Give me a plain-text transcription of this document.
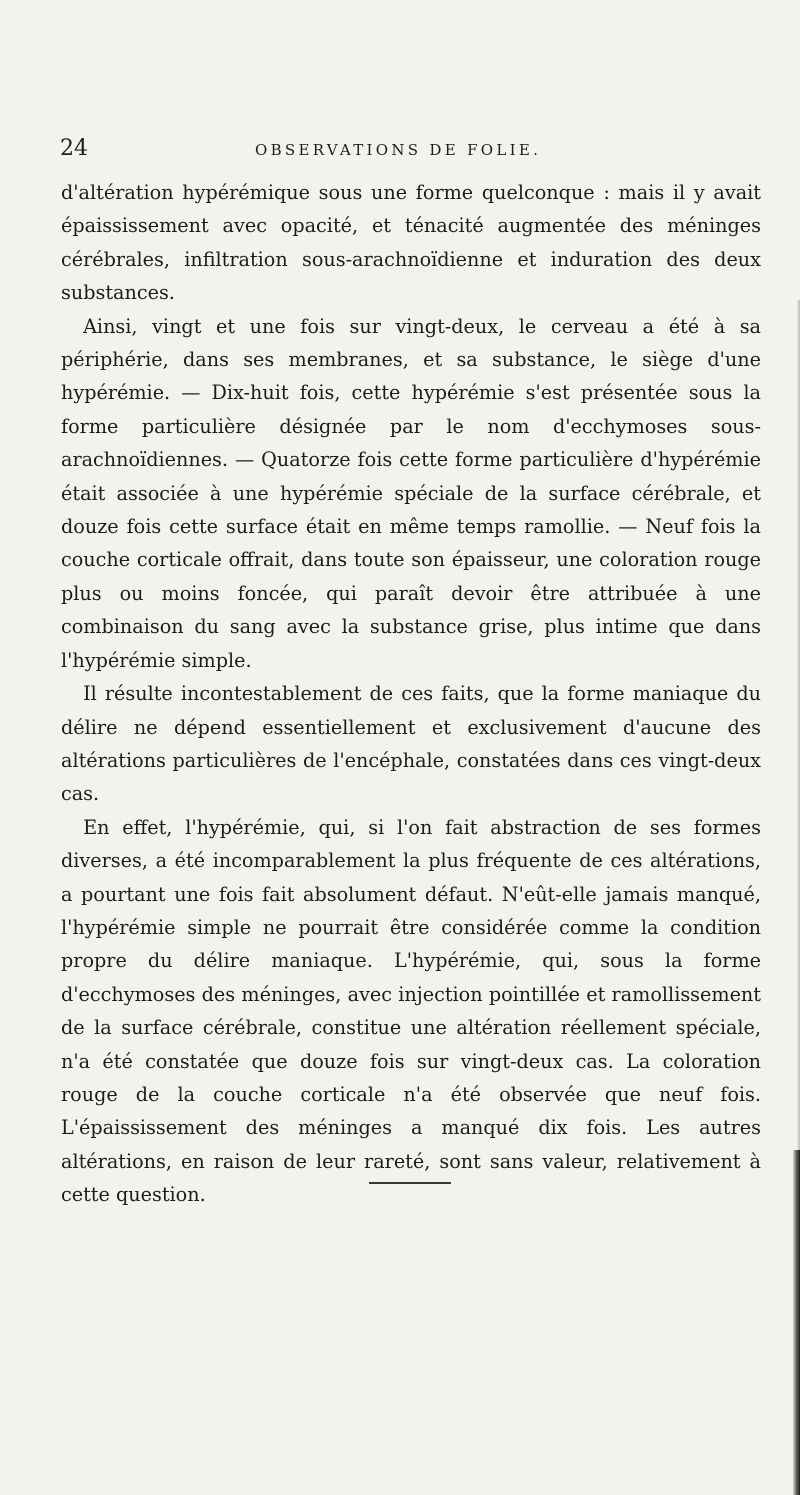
24	OBSERVATIONS DE FOLIE.

d'altération hypérémique sous une forme quelconque : mais il y avait épaississement avec opacité, et ténacité augmentée des méninges cérébrales, infiltration sous-arachnoïdienne et induration des deux substances.

Ainsi, vingt et une fois sur vingt-deux, le cerveau a été à sa périphérie, dans ses membranes, et sa substance, le siège d'une hypérémie. — Dix-huit fois, cette hypérémie s'est présentée sous la forme particulière désignée par le nom d'ecchymoses sous-arachnoïdiennes. — Quatorze fois cette forme particulière d'hypérémie était associée à une hypérémie spéciale de la surface cérébrale, et douze fois cette surface était en même temps ramollie. — Neuf fois la couche corticale offrait, dans toute son épaisseur, une coloration rouge plus ou moins foncée, qui paraît devoir être attribuée à une combinaison du sang avec la substance grise, plus intime que dans l'hypérémie simple.

Il résulte incontestablement de ces faits, que la forme maniaque du délire ne dépend essentiellement et exclusivement d'aucune des altérations particulières de l'encéphale, constatées dans ces vingt-deux cas.

En effet, l'hypérémie, qui, si l'on fait abstraction de ses formes diverses, a été incomparablement la plus fréquente de ces altérations, a pourtant une fois fait absolument défaut. N'eût-elle jamais manqué, l'hypérémie simple ne pourrait être considérée comme la condition propre du délire maniaque. L'hypérémie, qui, sous la forme d'ecchymoses des méninges, avec injection pointillée et ramollissement de la surface cérébrale, constitue une altération réellement spéciale, n'a été constatée que douze fois sur vingt-deux cas. La coloration rouge de la couche corticale n'a été observée que neuf fois. L'épaississement des méninges a manqué dix fois. Les autres altérations, en raison de leur rareté, sont sans valeur, relativement à cette question.
